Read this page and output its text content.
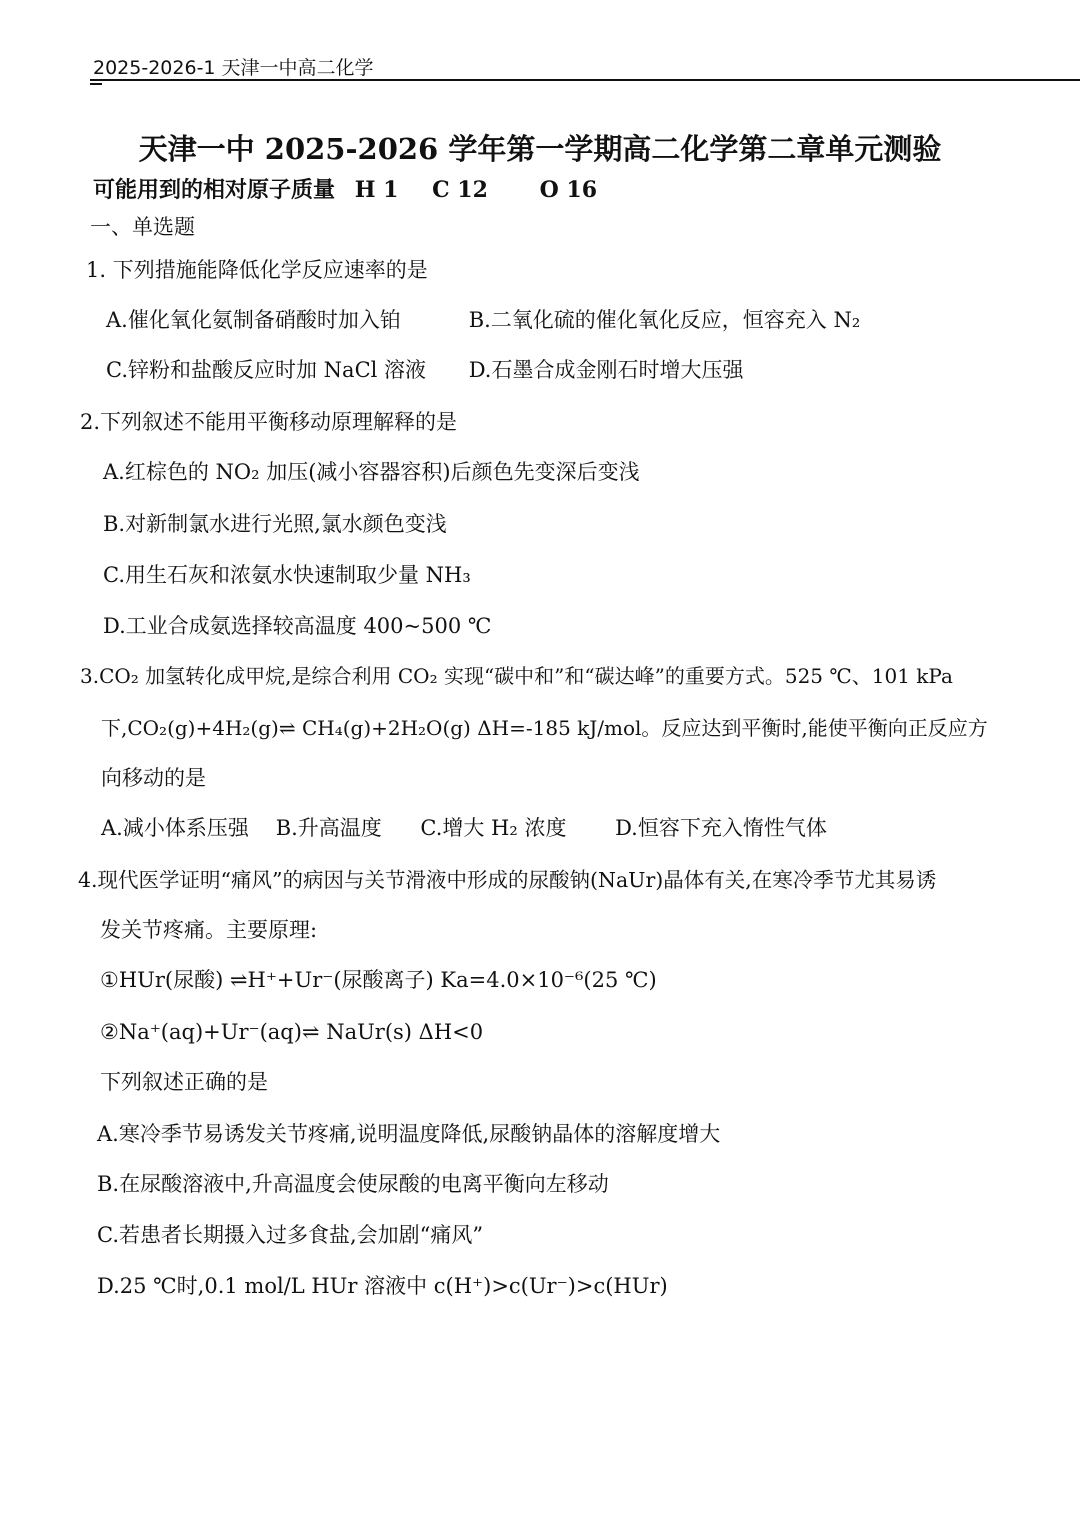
2025-2026-1 天津一中高二化学
天津一中 2025-2026 学年第一学期高二化学第二章单元测验
可能用到的相对原子质量 H 1 C 12 O 16
一、单选题
1. 下列措施能降低化学反应速率的是
A.催化氧化氨制备硝酸时加入铂	B.二氧化硫的催化氧化反应，恒容充入 N₂
C.锌粉和盐酸反应时加 NaCl 溶液 D.石墨合成金刚石时增大压强
2.下列叙述不能用平衡移动原理解释的是
A.红棕色的 NO₂ 加压(减小容器容积)后颜色先变深后变浅
B.对新制氯水进行光照,氯水颜色变浅
C.用生石灰和浓氨水快速制取少量 NH₃
D.工业合成氨选择较高温度 400~500 ℃
3.CO₂ 加氢转化成甲烷,是综合利用 CO₂ 实现“碳中和”和“碳达峰”的重要方式。525 ℃、101 kPa
下,CO₂(g)+4H₂(g)⇌ CH₄(g)+2H₂O(g) ΔH=-185 kJ/mol。反应达到平衡时,能使平衡向正反应方
向移动的是
A.减小体系压强 B.升高温度 C.增大 H₂ 浓度 D.恒容下充入惰性气体
4.现代医学证明“痛风”的病因与关节滑液中形成的尿酸钠(NaUr)晶体有关,在寒冷季节尤其易诱
发关节疼痛。主要原理:
①HUr(尿酸) ⇌H⁺+Ur⁻(尿酸离子) Ka=4.0×10⁻⁶(25 ℃)
②Na⁺(aq)+Ur⁻(aq)⇌ NaUr(s) ΔH<0
下列叙述正确的是
A.寒冷季节易诱发关节疼痛,说明温度降低,尿酸钠晶体的溶解度增大
B.在尿酸溶液中,升高温度会使尿酸的电离平衡向左移动
C.若患者长期摄入过多食盐,会加剧“痛风”
D.25 ℃时,0.1 mol/L HUr 溶液中 c(H⁺)>c(Ur⁻)>c(HUr)
